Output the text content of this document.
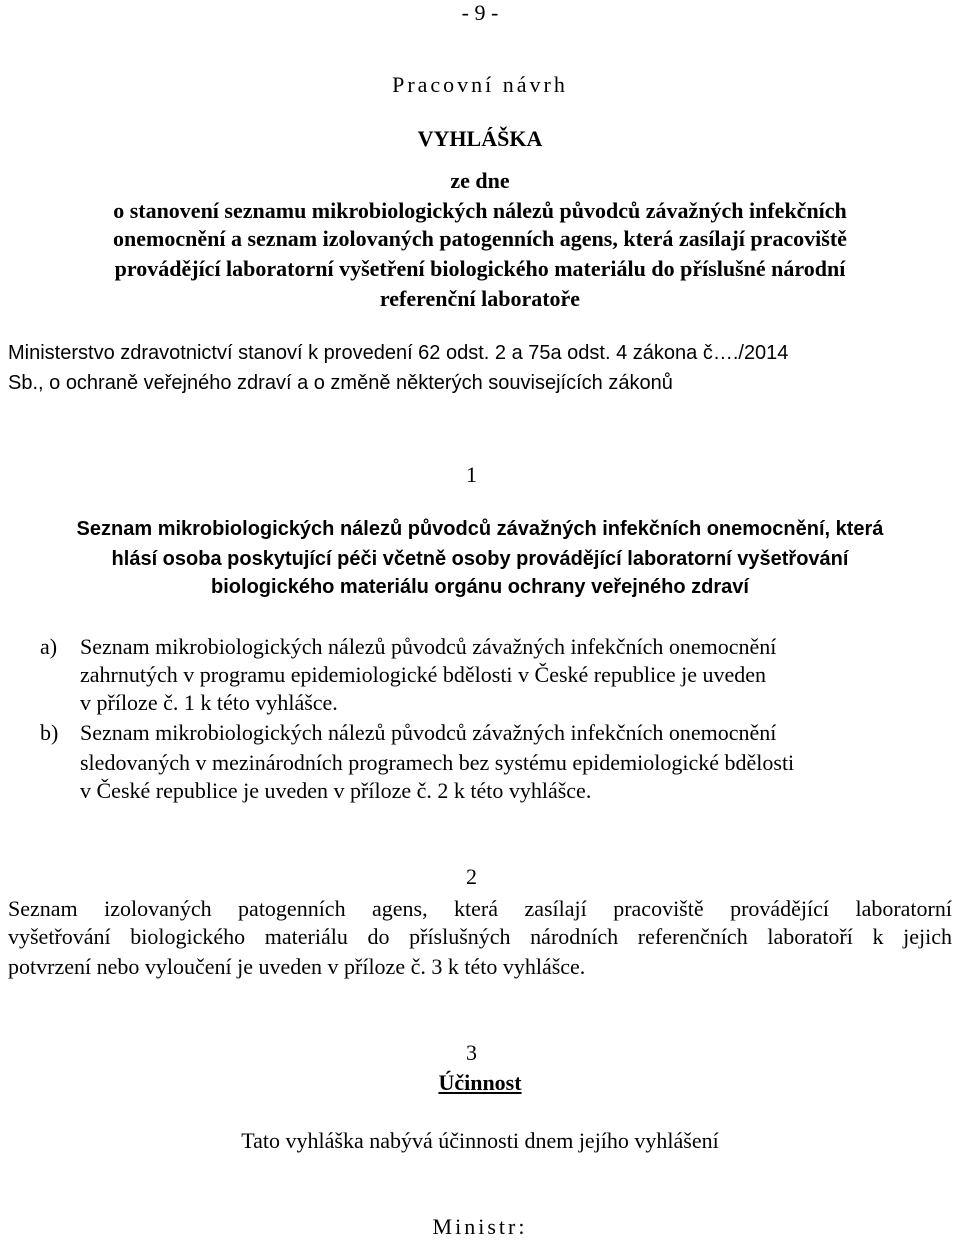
- 9 -
Pracovní návrh
VYHLÁŠKA
ze dne
o stanovení seznamu mikrobiologických nálezů původců závažných infekčních
onemocnění a seznam izolovaných patogenních agens, která zasílají pracoviště
provádějící laboratorní vyšetření biologického materiálu do příslušné národní
referenční laboratoře
Ministerstvo zdravotnictví stanoví k provedení 62 odst. 2 a 75a odst. 4 zákona č…./2014
Sb., o ochraně veřejného zdraví a o změně některých souvisejících zákonů
1
Seznam mikrobiologických nálezů původců závažných infekčních onemocnění, která
hlásí osoba poskytující péči včetně osoby provádějící laboratorní vyšetřování
biologického materiálu orgánu ochrany veřejného zdraví
a) Seznam mikrobiologických nálezů původců závažných infekčních onemocnění
zahrnutých v programu epidemiologické bdělosti v České republice je uveden
v příloze č. 1 k této vyhlášce.
b) Seznam mikrobiologických nálezů původců závažných infekčních onemocnění
sledovaných v mezinárodních programech bez systému epidemiologické bdělosti
v České republice je uveden v příloze č. 2 k této vyhlášce.
2
Seznam izolovaných patogenních agens, která zasílají pracoviště provádějící laboratorní
vyšetřování biologického materiálu do příslušných národních referenčních laboratoří k jejich
potvrzení nebo vyloučení je uveden v příloze č. 3 k této vyhlášce.
3
Účinnost
Tato vyhláška nabývá účinnosti dnem jejího vyhlášení
Ministr:
